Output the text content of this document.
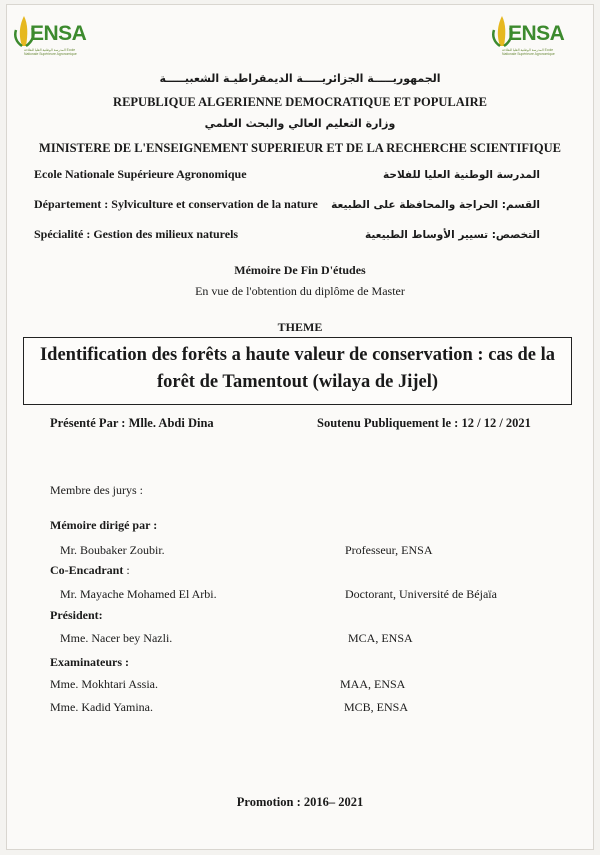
ENSA
المدرسة الوطنية العليا للفلاحة Ecole Nationale Supérieure Agronomique
ENSA
المدرسة الوطنية العليا للفلاحة Ecole Nationale Supérieure Agronomique
الجمهوريـــــة الجزائريـــــة الديمقراطيـة الشعبيـــــة
REPUBLIQUE ALGERIENNE DEMOCRATIQUE ET POPULAIRE
وزارة التعليم العالي والبحث العلمي
MINISTERE DE L'ENSEIGNEMENT SUPERIEUR ET DE LA RECHERCHE SCIENTIFIQUE
Ecole Nationale Supérieure Agronomique	المدرسة الوطنية العليا للفلاحة
Département : Sylviculture et conservation de la nature القسم: الحراجة والمحافظة على الطبيعة
Spécialité : Gestion des milieux naturels	التخصص: تسيير الأوساط الطبيعية
Mémoire De Fin D'études
En vue de l'obtention du diplôme de Master
THEME
Identification des forêts a haute valeur de conservation : cas de la forêt de Tamentout (wilaya de Jijel)
Présenté Par : Mlle. Abdi Dina	Soutenu Publiquement le : 12 / 12 / 2021
Membre des jurys :
Mémoire dirigé par :
Mr. Boubaker Zoubir.	Professeur, ENSA
Co-Encadrant :
Mr. Mayache Mohamed El Arbi.	Doctorant, Université de Béjaïa
Président:
Mme. Nacer bey Nazli.	MCA, ENSA
Examinateurs :
Mme. Mokhtari Assia.	MAA, ENSA
Mme. Kadid Yamina.	MCB, ENSA
Promotion : 2016– 2021
